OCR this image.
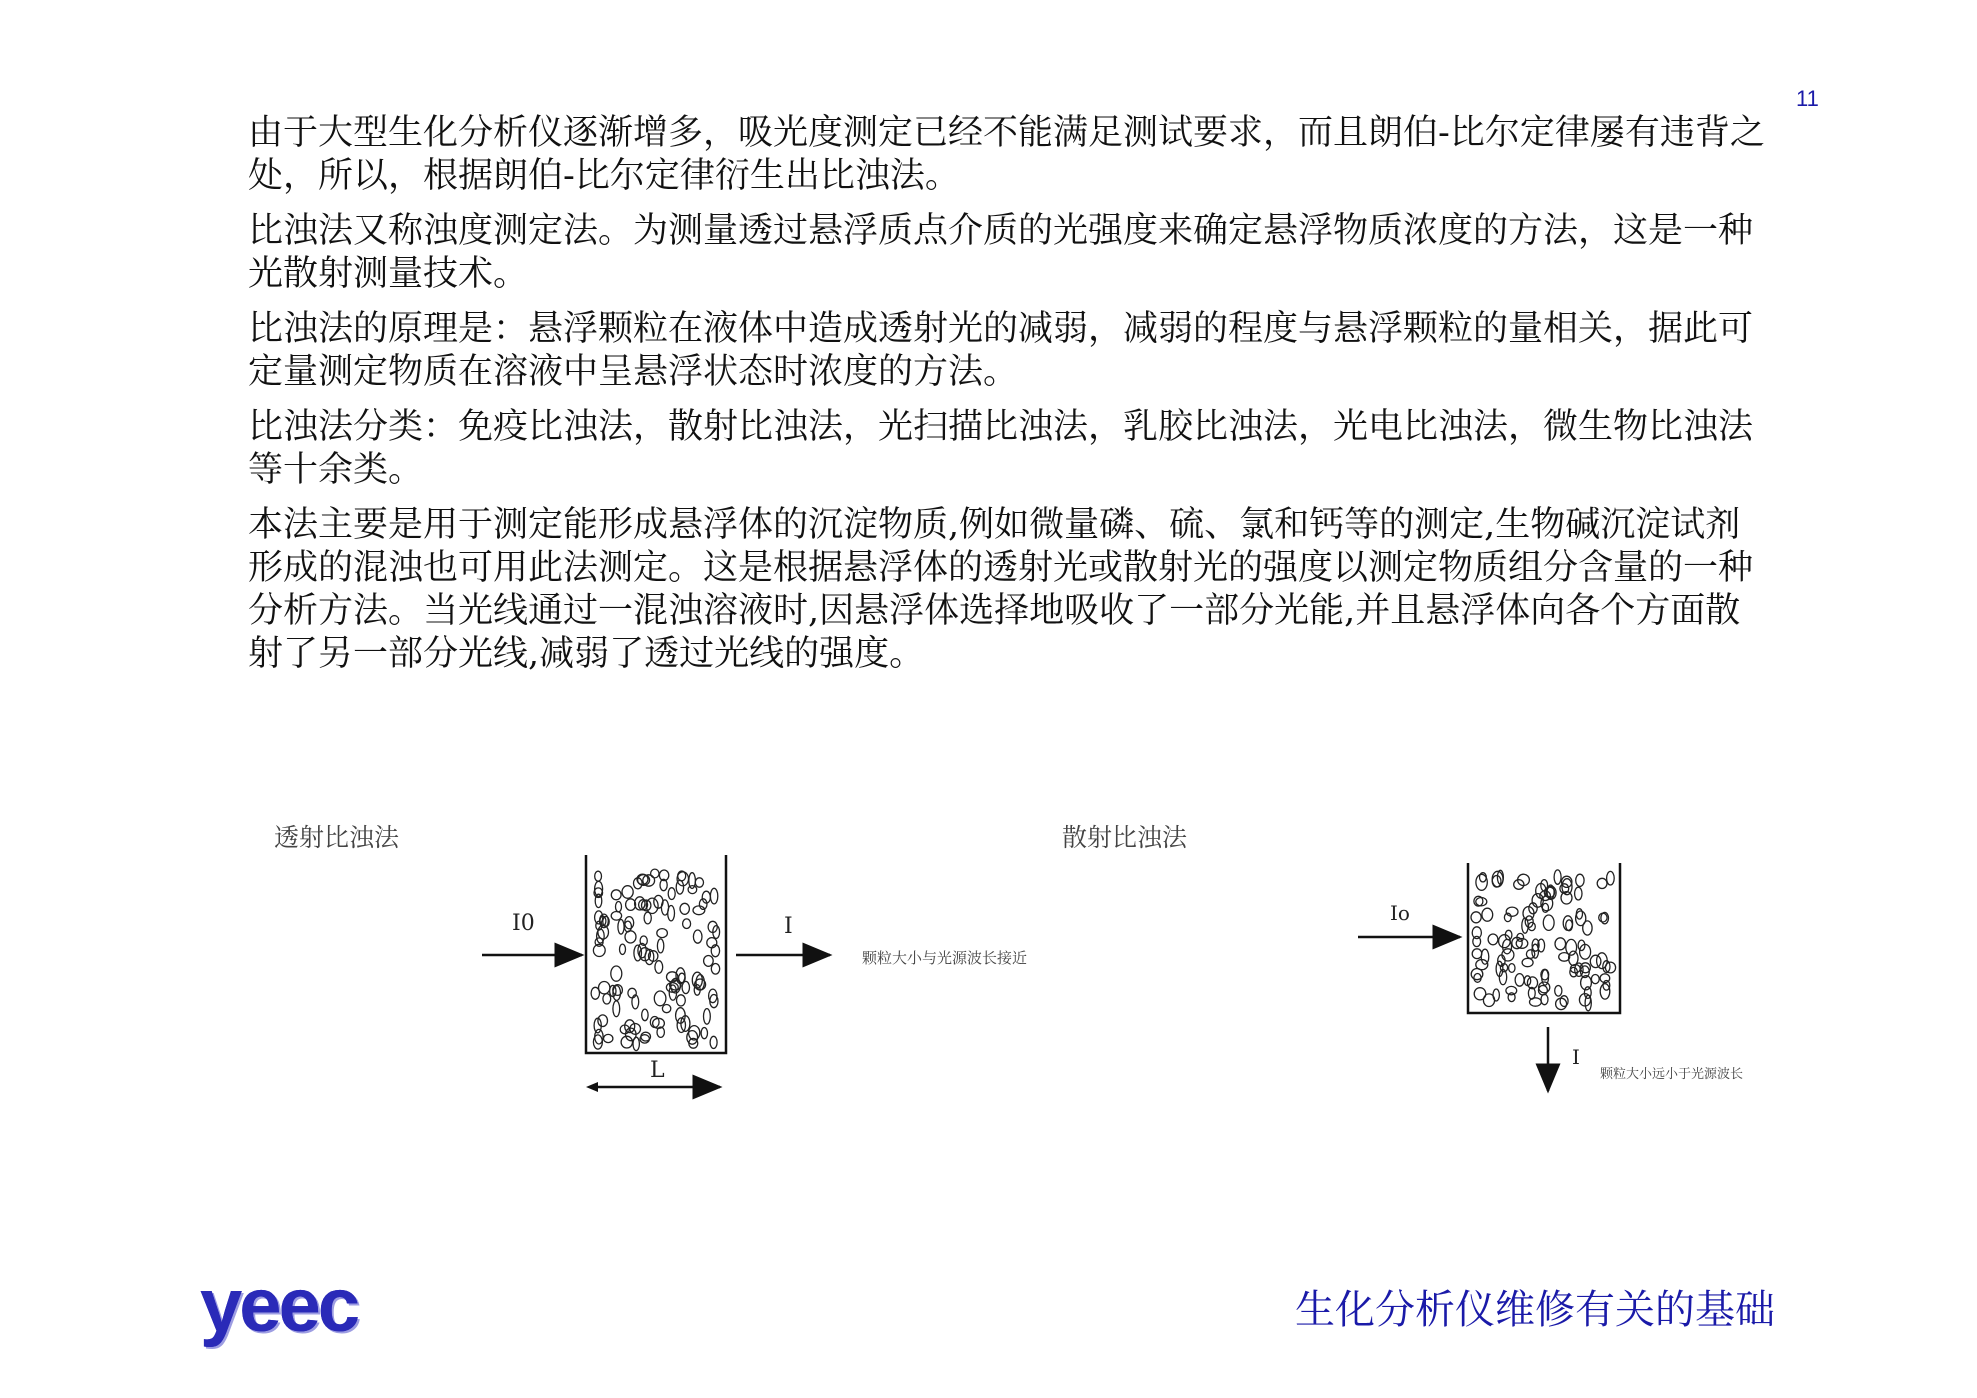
11

由于大型生化分析仪逐渐增多，吸光度测定已经不能满足测试要求，而且朗伯-比尔定律屡有违背之处，所以，根据朗伯-比尔定律衍生出比浊法。

比浊法又称浊度测定法。为测量透过悬浮质点介质的光强度来确定悬浮物质浓度的方法，这是一种光散射测量技术。

比浊法的原理是：悬浮颗粒在液体中造成透射光的减弱，减弱的程度与悬浮颗粒的量相关，据此可定量测定物质在溶液中呈悬浮状态时浓度的方法。

比浊法分类：免疫比浊法，散射比浊法，光扫描比浊法，乳胶比浊法，光电比浊法，微生物比浊法等十余类。

本法主要是用于测定能形成悬浮体的沉淀物质,例如微量磷、硫、氯和钙等的测定,生物碱沉淀试剂形成的混浊也可用此法测定。这是根据悬浮体的透射光或散射光的强度以测定物质组分含量的一种分析方法。当光线通过一混浊溶液时,因悬浮体选择地吸收了一部分光能,并且悬浮体向各个方面散射了另一部分光线,减弱了透过光线的强度。

透射比浊法
I0	I
颗粒大小与光源波长接近
L
散射比浊法
Io
I
颗粒大小远小于光源波长
yeec	生化分析仪维修有关的基础
